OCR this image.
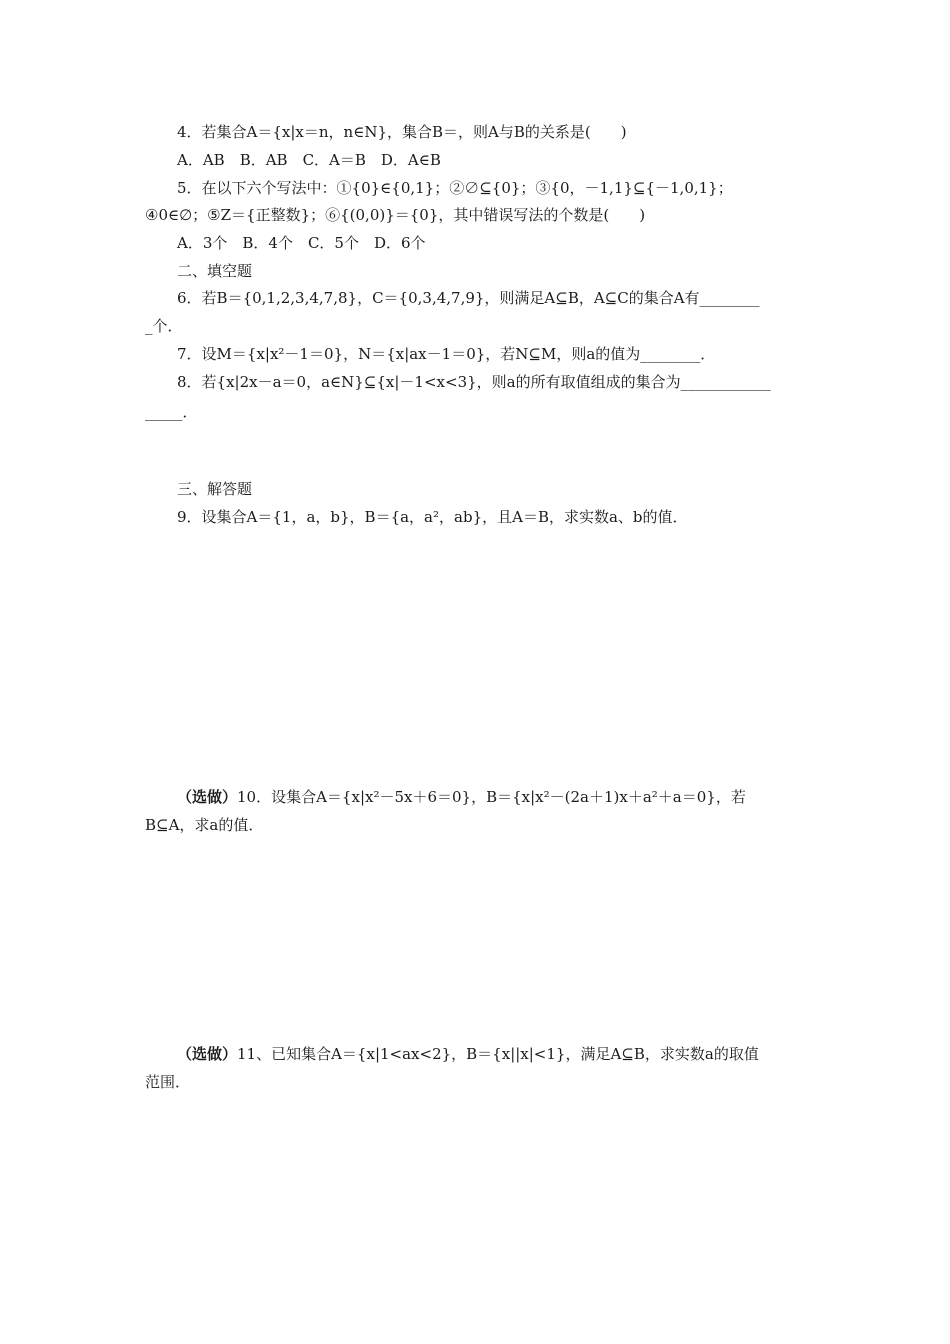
4．若集合A＝{x|x＝n，n∈N}，集合B＝，则A与B的关系是(　　)
A．AB　B．AB　C．A＝B　D．A∈B
5．在以下六个写法中：①{0}∈{0,1}；②∅⊆{0}；③{0，－1,1}⊆{－1,0,1}；
④0∈∅；⑤Z＝{正整数}；⑥{(0,0)}＝{0}，其中错误写法的个数是(　　)
A．3个　B．4个　C．5个　D．6个
二、填空题
6．若B＝{0,1,2,3,4,7,8}，C＝{0,3,4,7,9}，则满足A⊆B，A⊆C的集合A有________
_个．
7．设M＝{x|x²－1＝0}，N＝{x|ax－1＝0}，若N⊆M，则a的值为________．
8．若{x|2x－a＝0，a∈N}⊆{x|－1<x<3}，则a的所有取值组成的集合为____________
_____．
三、解答题
9．设集合A＝{1，a，b}，B＝{a，a²，ab}，且A＝B，求实数a、b的值．
（选做）10．设集合A＝{x|x²－5x＋6＝0}，B＝{x|x²－(2a＋1)x＋a²＋a＝0}，若
B⊆A，求a的值．
（选做）11、已知集合A＝{x|1<ax<2}，B＝{x||x|<1}，满足A⊆B，求实数a的取值
范围．
